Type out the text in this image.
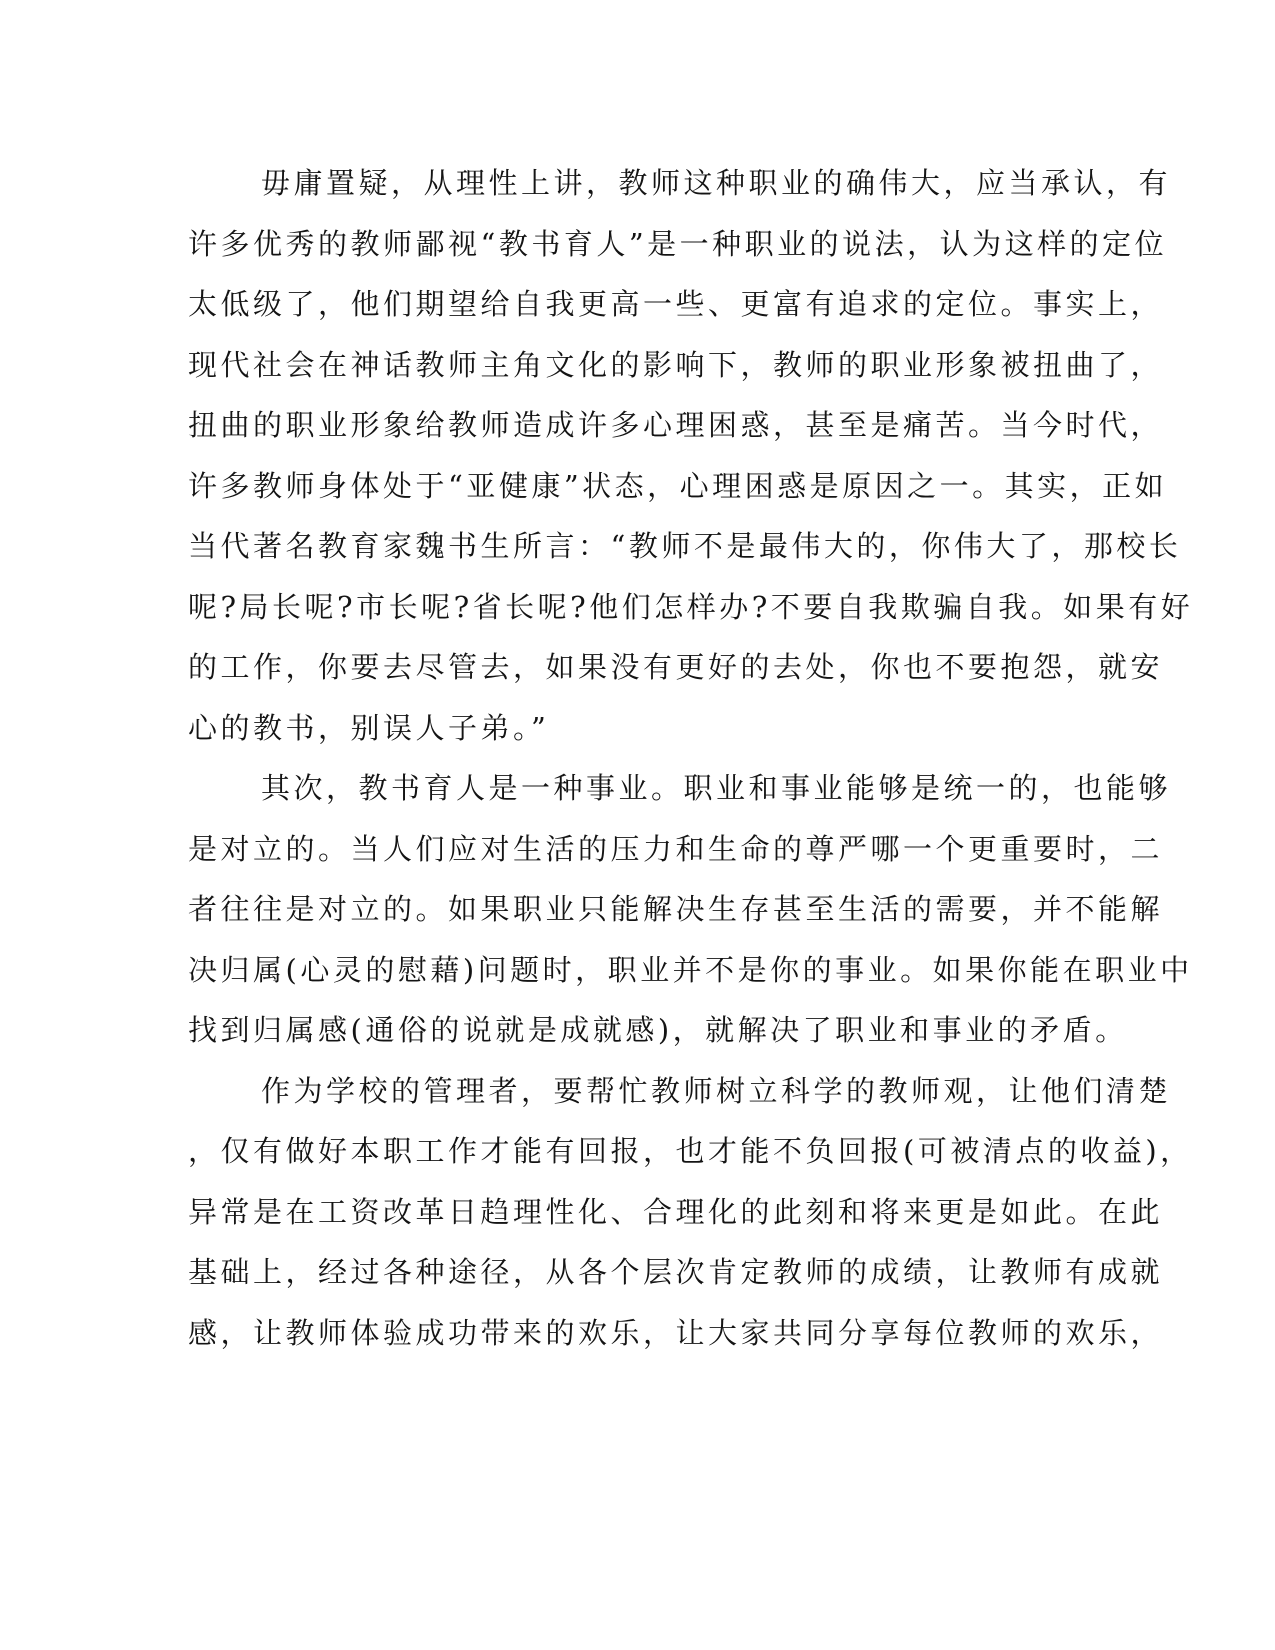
毋庸置疑，从理性上讲，教师这种职业的确伟大，应当承认，有
许多优秀的教师鄙视“教书育人”是一种职业的说法，认为这样的定位
太低级了，他们期望给自我更高一些、更富有追求的定位。事实上，
现代社会在神话教师主角文化的影响下，教师的职业形象被扭曲了，
扭曲的职业形象给教师造成许多心理困惑，甚至是痛苦。当今时代，
许多教师身体处于“亚健康”状态，心理困惑是原因之一。其实，正如
当代著名教育家魏书生所言：“教师不是最伟大的，你伟大了，那校长
呢?局长呢?市长呢?省长呢?他们怎样办?不要自我欺骗自我。如果有好
的工作，你要去尽管去，如果没有更好的去处，你也不要抱怨，就安
心的教书，别误人子弟。”
其次，教书育人是一种事业。职业和事业能够是统一的，也能够
是对立的。当人们应对生活的压力和生命的尊严哪一个更重要时，二
者往往是对立的。如果职业只能解决生存甚至生活的需要，并不能解
决归属(心灵的慰藉)问题时，职业并不是你的事业。如果你能在职业中
找到归属感(通俗的说就是成就感)，就解决了职业和事业的矛盾。
作为学校的管理者，要帮忙教师树立科学的教师观，让他们清楚
，仅有做好本职工作才能有回报，也才能不负回报(可被清点的收益)，
异常是在工资改革日趋理性化、合理化的此刻和将来更是如此。在此
基础上，经过各种途径，从各个层次肯定教师的成绩，让教师有成就
感，让教师体验成功带来的欢乐，让大家共同分享每位教师的欢乐，
